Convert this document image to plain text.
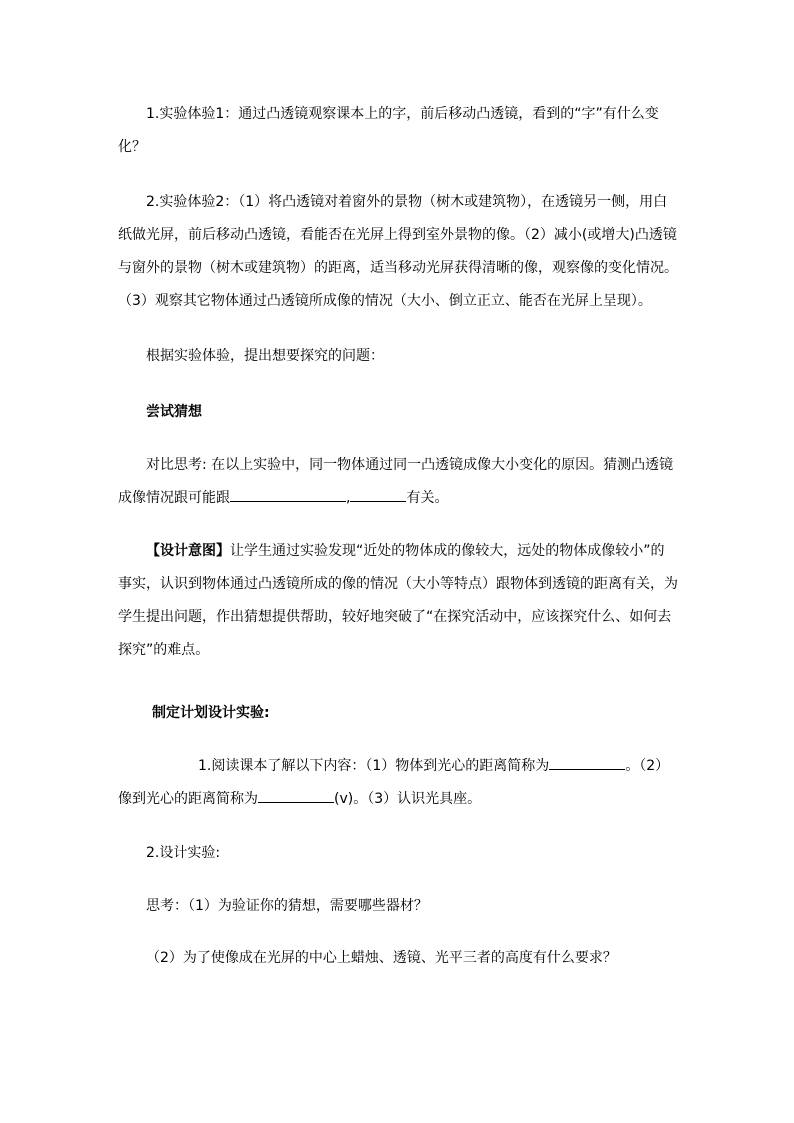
1.实验体验1：通过凸透镜观察课本上的字，前后移动凸透镜，看到的“字”有什么变化？

2.实验体验2：（1）将凸透镜对着窗外的景物（树木或建筑物），在透镜另一侧，用白纸做光屏，前后移动凸透镜，看能否在光屏上得到室外景物的像。（2）减小(或增大)凸透镜与窗外的景物（树木或建筑物）的距离，适当移动光屏获得清晰的像，观察像的变化情况。（3）观察其它物体通过凸透镜所成像的情况（大小、倒立正立、能否在光屏上呈现）。

根据实验体验，提出想要探究的问题：

尝试猜想

对比思考: 在以上实验中，同一物体通过同一凸透镜成像大小变化的原因。猜测凸透镜成像情况跟可能跟	,	有关。

【设计意图】让学生通过实验发现“近处的物体成的像较大，远处的物体成像较小”的事实，认识到物体通过凸透镜所成的像的情况（大小等特点）跟物体到透镜的距离有关，为学生提出问题，作出猜想提供帮助，较好地突破了“在探究活动中，应该探究什么、如何去探究”的难点。

制定计划设计实验:

1.阅读课本了解以下内容：（1）物体到光心的距离简称为	。（2）像到光心的距离简称为	(v)。（3）认识光具座。

2.设计实验:

思考：（1）为验证你的猜想，需要哪些器材？

（2）为了使像成在光屏的中心上蜡烛、透镜、光平三者的高度有什么要求？
